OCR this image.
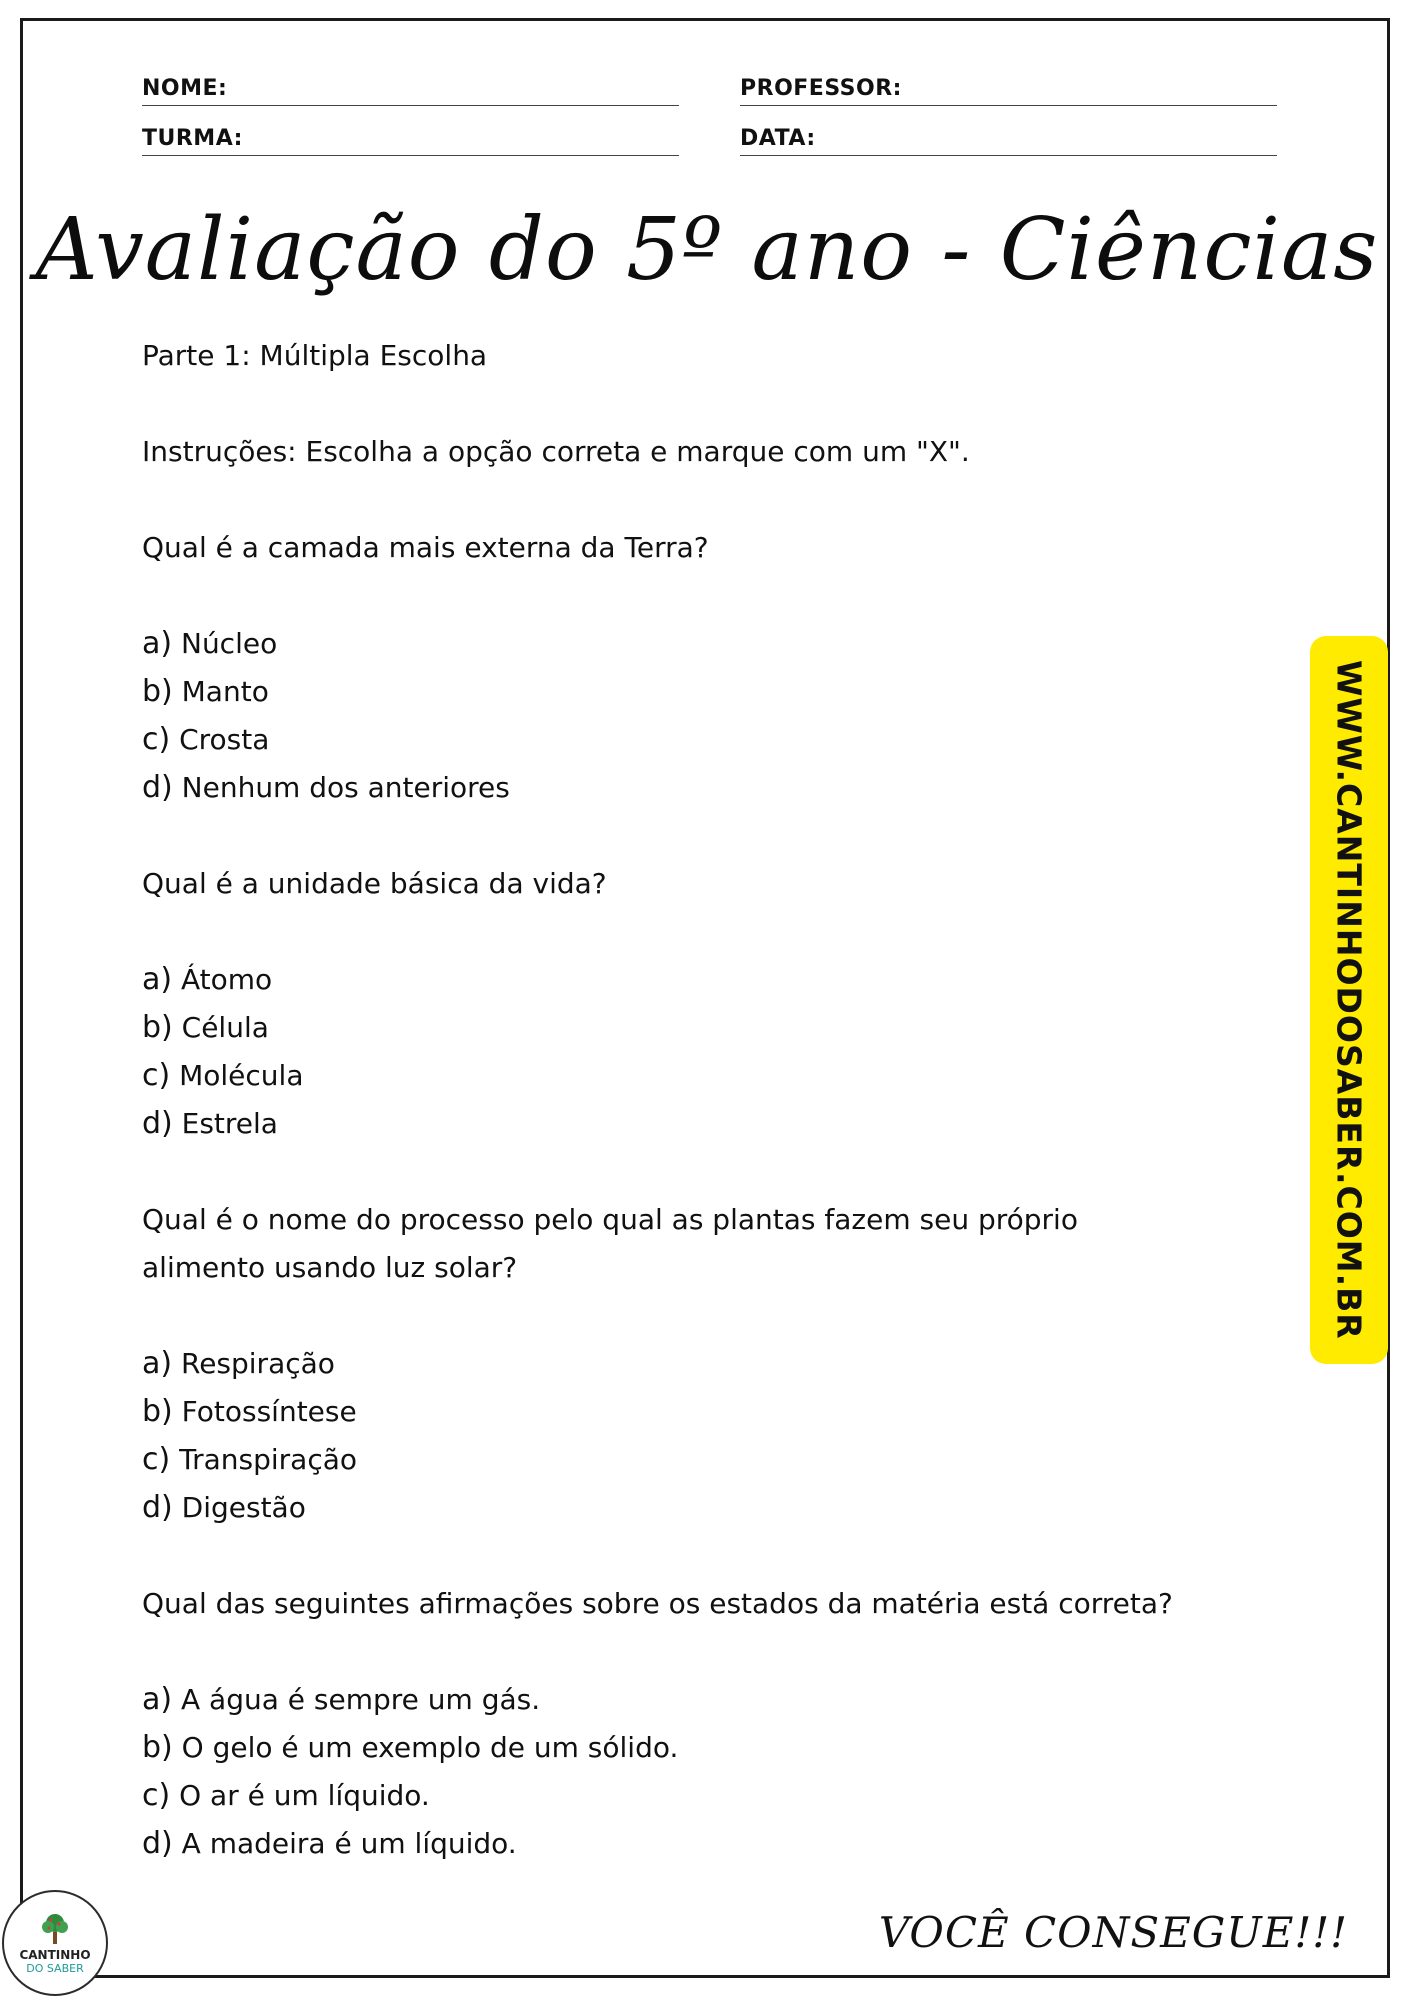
NOME:	PROFESSOR:
TURMA:	DATA:
Avaliação do 5º ano - Ciências

Parte 1: Múltipla Escolha

Instruções: Escolha a opção correta e marque com um "X".

Qual é a camada mais externa da Terra?

a) Núcleo

b) Manto

c) Crosta

d) Nenhum dos anteriores

Qual é a unidade básica da vida?

a) Átomo

b) Célula

c) Molécula

d) Estrela

Qual é o nome do processo pelo qual as plantas fazem seu próprio

alimento usando luz solar?

a) Respiração

b) Fotossíntese

c) Transpiração

d) Digestão

Qual das seguintes afirmações sobre os estados da matéria está correta?

a) A água é sempre um gás.

b) O gelo é um exemplo de um sólido.

c) O ar é um líquido.

d) A madeira é um líquido.

WWW.CANTINHODOSABER.COM.BR
CANTINHO
DO SABER

VOCÊ CONSEGUE!!!
